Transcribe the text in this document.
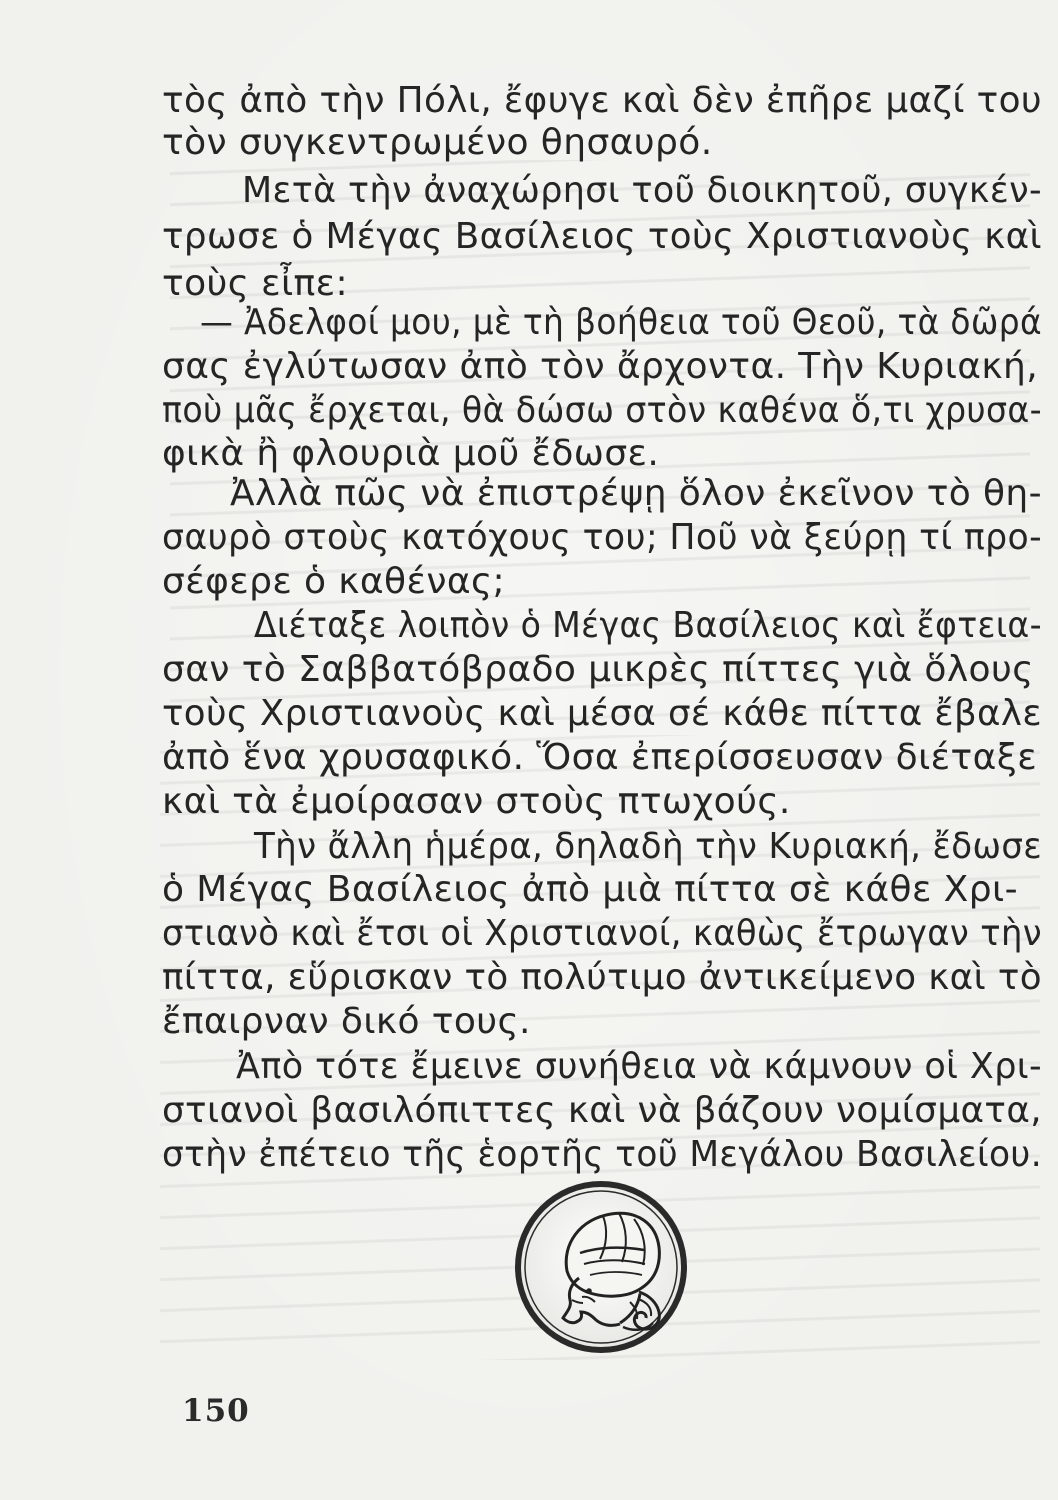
τὸς ἀπὸ τὴν Πόλι, ἔφυγε καὶ δὲν ἐπῆρε μαζί του
τὸν συγκεντρωμένο θησαυρό.
Μετὰ τὴν ἀναχώρησι τοῦ διοικητοῦ, συγκέν-
τρωσε ὁ Μέγας Βασίλειος τοὺς Χριστιανοὺς καὶ
τοὺς εἶπε:
— Ἀδελφοί μου, μὲ τὴ βοήθεια τοῦ Θεοῦ, τὰ δῶρά
σας ἐγλύτωσαν ἀπὸ τὸν ἄρχοντα. Τὴν Κυριακή,
ποὺ μᾶς ἔρχεται, θὰ δώσω στὸν καθένα ὅ,τι χρυσα-
φικὰ ἢ φλουριὰ μοῦ ἔδωσε.
Ἀλλὰ πῶς νὰ ἐπιστρέψῃ ὅλον ἐκεῖνον τὸ θη-
σαυρὸ στοὺς κατόχους του; Ποῦ νὰ ξεύρῃ τί προ-
σέφερε ὁ καθένας;
Διέταξε λοιπὸν ὁ Μέγας Βασίλειος καὶ ἔφτεια-
σαν τὸ Σαββατόβραδο μικρὲς πίττες γιὰ ὅλους
τοὺς Χριστιανοὺς καὶ μέσα σέ κάθε πίττα ἔβαλε
ἀπὸ ἕνα χρυσαφικό. Ὅσα ἐπερίσσευσαν διέταξε
καὶ τὰ ἐμοίρασαν στοὺς πτωχούς.
Τὴν ἄλλη ἡμέρα, δηλαδὴ τὴν Κυριακή, ἔδωσε
ὁ Μέγας Βασίλειος ἀπὸ μιὰ πίττα σὲ κάθε Χρι-
στιανὸ καὶ ἔτσι οἱ Χριστιανοί, καθὼς ἔτρωγαν τὴν
πίττα, εὕρισκαν τὸ πολύτιμο ἀντικείμενο καὶ τὸ
ἔπαιρναν δικό τους.
Ἀπὸ τότε ἔμεινε συνήθεια νὰ κάμνουν οἱ Χρι-
στιανοὶ βασιλόπιττες καὶ νὰ βάζουν νομίσματα,
στὴν ἐπέτειο τῆς ἑορτῆς τοῦ Μεγάλου Βασιλείου.
150
